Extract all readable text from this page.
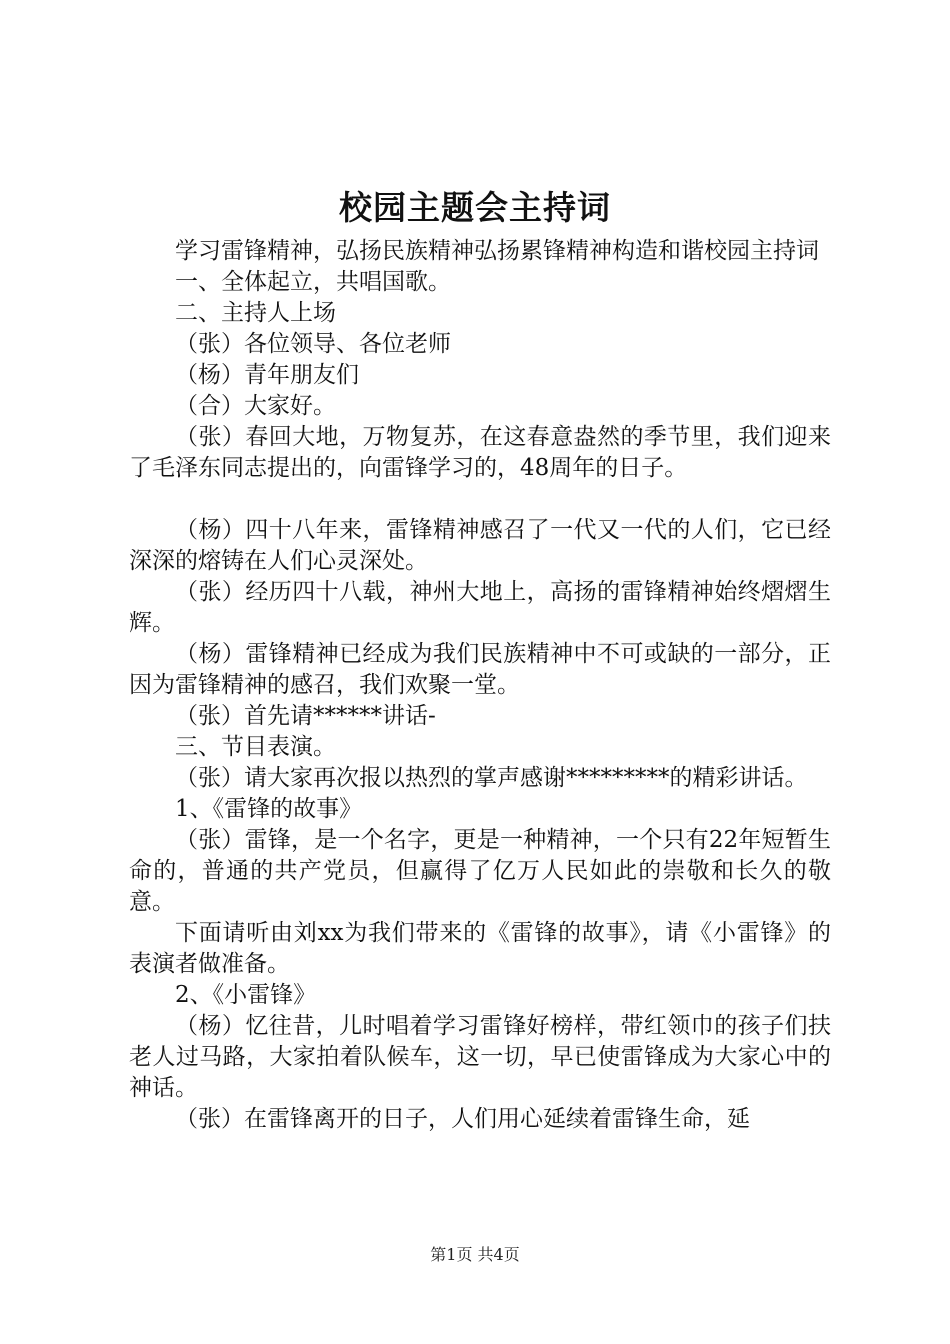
校园主题会主持词

学习雷锋精神，弘扬民族精神弘扬累锋精神构造和谐校园主持词

一、全体起立，共唱国歌。

二、主持人上场

（张）各位领导、各位老师

（杨）青年朋友们

（合）大家好。

（张）春回大地，万物复苏，在这春意盎然的季节里，我们迎来了毛泽东同志提出的，向雷锋学习的，48周年的日子。

（杨）四十八年来，雷锋精神感召了一代又一代的人们，它已经深深的熔铸在人们心灵深处。

（张）经历四十八载，神州大地上，高扬的雷锋精神始终熠熠生辉。

（杨）雷锋精神已经成为我们民族精神中不可或缺的一部分，正因为雷锋精神的感召，我们欢聚一堂。

（张）首先请******讲话-

三、节目表演。

（张）请大家再次报以热烈的掌声感谢*********的精彩讲话。

1、《雷锋的故事》

（张）雷锋，是一个名字，更是一种精神，一个只有22年短暂生命的，普通的共产党员，但赢得了亿万人民如此的崇敬和长久的敬意。

下面请听由刘xx为我们带来的《雷锋的故事》，请《小雷锋》的表演者做准备。

2、《小雷锋》

（杨）忆往昔，儿时唱着学习雷锋好榜样，带红领巾的孩子们扶老人过马路，大家拍着队候车，这一切，早已使雷锋成为大家心中的神话。

（张）在雷锋离开的日子，人们用心延续着雷锋生命，延

第1页 共4页
